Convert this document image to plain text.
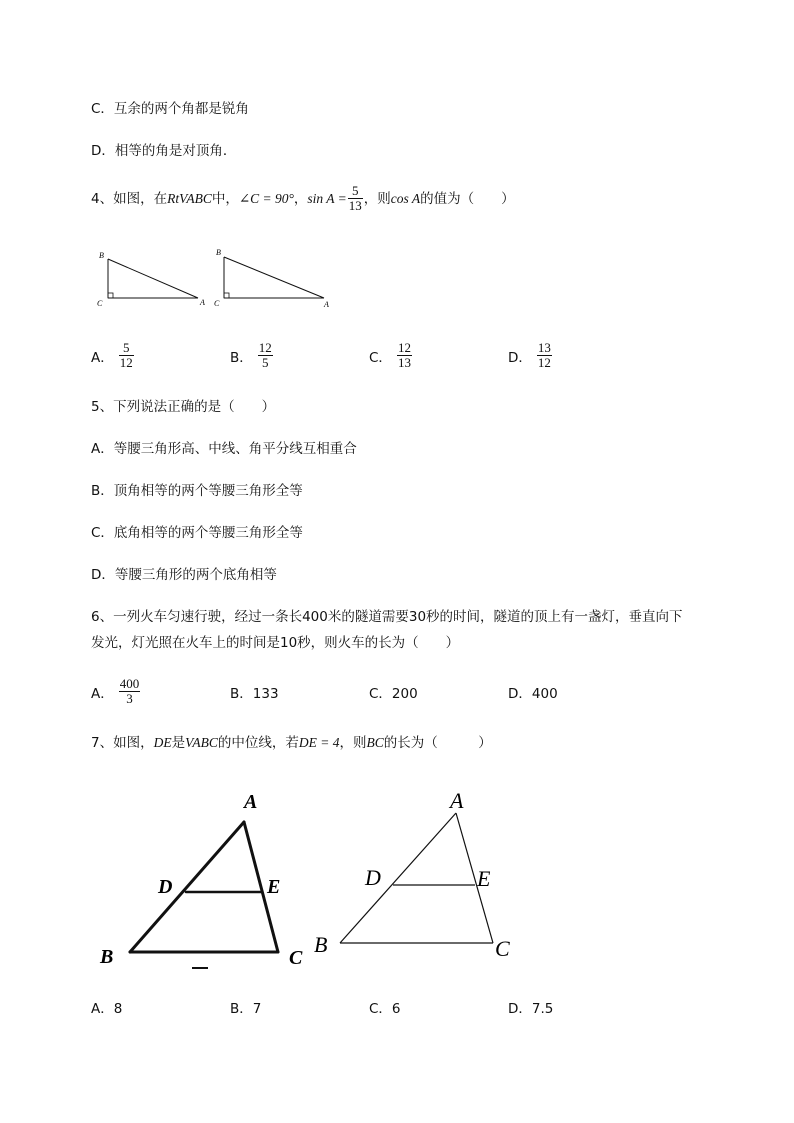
C．互余的两个角都是锐角
D．相等的角是对顶角．
4、如图，在 Rt VABC 中， ∠C = 90° ， $\sin A = \frac{5}{13}$ ，则 cos A 的值为（　　）
B
C	A
B
C	A
A． $\frac{5}{12}$	B． $\frac{12}{5}$	C． $\frac{12}{13}$	D． $\frac{13}{12}$
5、下列说法正确的是（　　）
A．等腰三角形高、中线、角平分线互相重合
B．顶角相等的两个等腰三角形全等
C．底角相等的两个等腰三角形全等
D．等腰三角形的两个底角相等
6、一列火车匀速行驶，经过一条长400米的隧道需要30秒的时间，隧道的顶上有一盏灯，垂直向下
发光，灯光照在火车上的时间是10秒，则火车的长为（　　）
A． $\frac{400}{3}$	B．133	C．200	D．400
7、如图， DE 是 VABC 的中位线，若 DE = 4 ，则 BC 的长为（　　　）
A
D	E
B	C
A
D	E
B	C
A．8	B．7	C．6	D．7.5
